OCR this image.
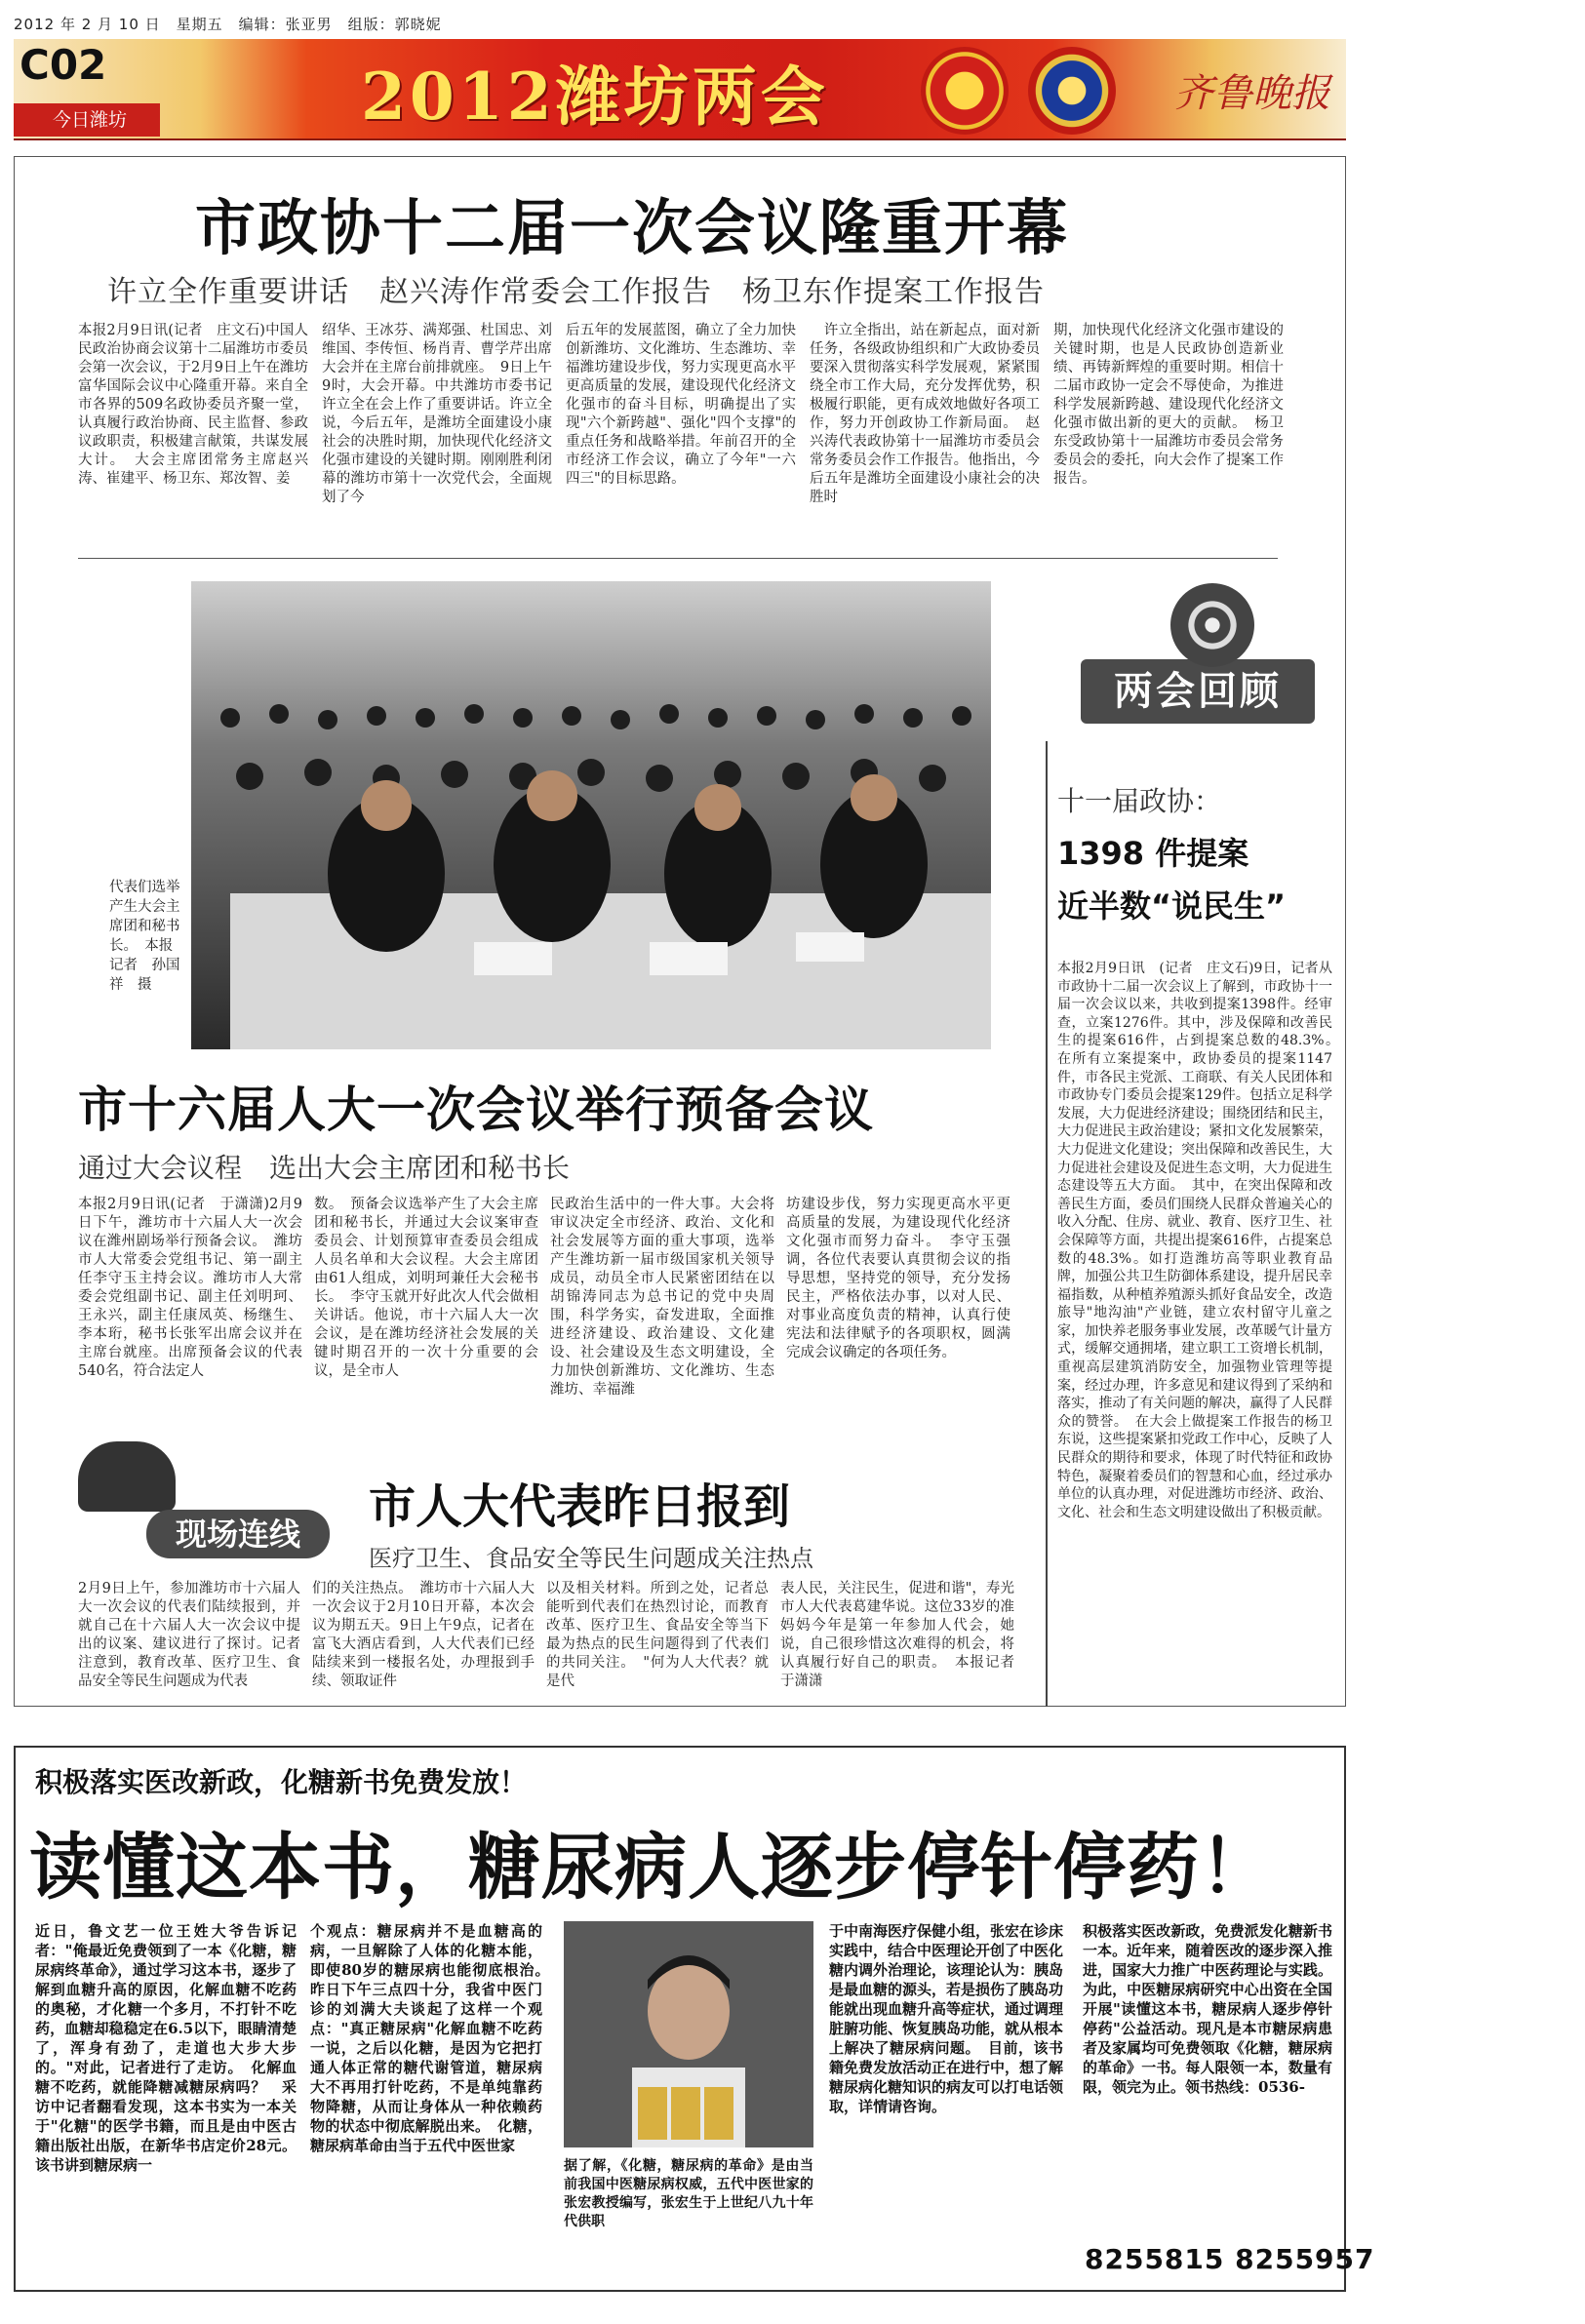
2012 年 2 月 10 日　星期五　编辑：张亚男　组版：郭晓妮
C02
今日潍坊	2012潍坊两会	齐鲁晚报
市政协十二届一次会议隆重开幕
许立全作重要讲话　赵兴涛作常委会工作报告　杨卫东作提案工作报告
本报2月9日讯(记者　庄文石)中国人民政治协商会议第十二届潍坊市委员会第一次会议，于2月9日上午在潍坊富华国际会议中心隆重开幕。来自全市各界的509名政协委员齐聚一堂，认真履行政治协商、民主监督、参政议政职责，积极建言献策，共谋发展大计。　大会主席团常务主席赵兴涛、崔建平、杨卫东、郑汝智、姜
绍华、王冰芬、满郑强、杜国忠、刘维国、李传恒、杨肖青、曹学芹出席大会并在主席台前排就座。　9日上午9时，大会开幕。中共潍坊市委书记许立全在会上作了重要讲话。许立全说，今后五年，是潍坊全面建设小康社会的决胜时期，加快现代化经济文化强市建设的关键时期。刚刚胜利闭幕的潍坊市第十一次党代会，全面规划了今
后五年的发展蓝图，确立了全力加快创新潍坊、文化潍坊、生态潍坊、幸福潍坊建设步伐，努力实现更高水平更高质量的发展，建设现代化经济文化强市的奋斗目标，明确提出了实现"六个新跨越"、强化"四个支撑"的重点任务和战略举措。年前召开的全市经济工作会议，确立了今年"一六四三"的目标思路。
　许立全指出，站在新起点，面对新任务，各级政协组织和广大政协委员要深入贯彻落实科学发展观，紧紧围绕全市工作大局，充分发挥优势，积极履行职能，更有成效地做好各项工作，努力开创政协工作新局面。　赵兴涛代表政协第十一届潍坊市委员会常务委员会作工作报告。他指出，今后五年是潍坊全面建设小康社会的决胜时
期，加快现代化经济文化强市建设的关键时期，也是人民政协创造新业绩、再铸新辉煌的重要时期。相信十二届市政协一定会不辱使命，为推进科学发展新跨越、建设现代化经济文化强市做出新的更大的贡献。　杨卫东受政协第十一届潍坊市委员会常务委员会的委托，向大会作了提案工作报告。
代表们选举产生大会主席团和秘书长。　本报记者　孙国祥　摄
两会回顾
十一届政协：
1398 件提案
近半数“说民生”
本报2月9日讯　(记者　庄文石)9日，记者从市政协十二届一次会议上了解到，市政协十一届一次会议以来，共收到提案1398件。经审查，立案1276件。其中，涉及保障和改善民生的提案616件，占到提案总数的48.3%。　在所有立案提案中，政协委员的提案1147件，市各民主党派、工商联、有关人民团体和市政协专门委员会提案129件。包括立足科学发展，大力促进经济建设；围绕团结和民主，大力促进民主政治建设；紧扣文化发展繁荣，大力促进文化建设；突出保障和改善民生，大力促进社会建设及促进生态文明，大力促进生态建设等五大方面。　其中，在突出保障和改善民生方面，委员们围绕人民群众普遍关心的收入分配、住房、就业、教育、医疗卫生、社会保障等方面，共提出提案616件，占提案总数的48.3%。如打造潍坊高等职业教育品牌，加强公共卫生防御体系建设，提升居民幸福指数，从种植养殖源头抓好食品安全，改造旅导"地沟油"产业链，建立农村留守儿童之家，加快养老服务事业发展，改革暖气计量方式，缓解交通拥堵，建立职工工资增长机制，重视高层建筑消防安全，加强物业管理等提案，经过办理，许多意见和建议得到了采纳和落实，推动了有关问题的解决，赢得了人民群众的赞誉。　在大会上做提案工作报告的杨卫东说，这些提案紧扣党政工作中心，反映了人民群众的期待和要求，体现了时代特征和政协特色，凝聚着委员们的智慧和心血，经过承办单位的认真办理，对促进潍坊市经济、政治、文化、社会和生态文明建设做出了积极贡献。
市十六届人大一次会议举行预备会议
通过大会议程　选出大会主席团和秘书长
本报2月9日讯(记者　于潇潇)2月9日下午，潍坊市十六届人大一次会议在潍州剧场举行预备会议。　潍坊市人大常委会党组书记、第一副主任李守玉主持会议。潍坊市人大常委会党组副书记、副主任刘明珂、王永兴，副主任康凤英、杨继生、李本珩，秘书长张军出席会议并在主席台就座。出席预备会议的代表540名，符合法定人
数。　预备会议选举产生了大会主席团和秘书长，并通过大会议案审查委员会、计划预算审查委员会组成人员名单和大会议程。大会主席团由61人组成，刘明珂兼任大会秘书长。　李守玉就开好此次人代会做相关讲话。他说，市十六届人大一次会议，是在潍坊经济社会发展的关键时期召开的一次十分重要的会议，是全市人
民政治生活中的一件大事。大会将审议决定全市经济、政治、文化和社会发展等方面的重大事项，选举产生潍坊新一届市级国家机关领导成员，动员全市人民紧密团结在以胡锦涛同志为总书记的党中央周围，科学务实，奋发进取，全面推进经济建设、政治建设、文化建设、社会建设及生态文明建设，全力加快创新潍坊、文化潍坊、生态潍坊、幸福潍
坊建设步伐，努力实现更高水平更高质量的发展，为建设现代化经济文化强市而努力奋斗。　李守玉强调，各位代表要认真贯彻会议的指导思想，坚持党的领导，充分发扬民主，严格依法办事，以对人民、对事业高度负责的精神，认真行使宪法和法律赋予的各项职权，圆满完成会议确定的各项任务。
现场连线	市人大代表昨日报到
医疗卫生、食品安全等民生问题成关注热点
2月9日上午，参加潍坊市十六届人大一次会议的代表们陆续报到，并就自己在十六届人大一次会议中提出的议案、建议进行了探讨。记者注意到，教育改革、医疗卫生、食品安全等民生问题成为代表
们的关注热点。　潍坊市十六届人大一次会议于2月10日开幕，本次会议为期五天。9日上午9点，记者在富飞大酒店看到，人大代表们已经陆续来到一楼报名处，办理报到手续、领取证件
以及相关材料。所到之处，记者总能听到代表们在热烈讨论，而教育改革、医疗卫生、食品安全等当下最为热点的民生问题得到了代表们的共同关注。　"何为人大代表？就是代
表人民，关注民生，促进和谐"，寿光市人大代表葛建华说。这位33岁的准妈妈今年是第一年参加人代会，她说，自己很珍惜这次难得的机会，将认真履行好自己的职责。　本报记者　于潇潇
积极落实医改新政，化糖新书免费发放！
读懂这本书，糖尿病人逐步停针停药！
近日，鲁文艺一位王姓大爷告诉记者："俺最近免费领到了一本《化糖，糖尿病终革命》，通过学习这本书，逐步了解到血糖升高的原因，化解血糖不吃药的奥秘，才化糖一个多月，不打针不吃药，血糖却稳稳定在6.5以下，眼睛清楚了，浑身有劲了，走道也大步大步的。"对此，记者进行了走访。　化解血糖不吃药，就能降糖减糖尿病吗？　采访中记者翻看发现，这本书实为一本关于"化糖"的医学书籍，而且是由中医古籍出版社出版，在新华书店定价28元。该书讲到糖尿病一
个观点：糖尿病并不是血糖高的病，一旦解除了人体的化糖本能，即使80岁的糖尿病也能彻底根治。　昨日下午三点四十分，我省中医门诊的刘满大夫谈起了这样一个观点："真正糖尿病"化解血糖不吃药一说，之后以化糖，是因为它把打通人体正常的糖代谢管道，糖尿病大不再用打针吃药，不是单纯靠药物降糖，从而让身体从一种依赖药物的状态中彻底解脱出来。　化糖，糖尿病革命由当于五代中医世家
据了解，《化糖，糖尿病的革命》是由当前我国中医糖尿病权威，五代中医世家的张宏教授编写，张宏生于上世纪八九十年代供职
于中南海医疗保健小组，张宏在诊床实践中，结合中医理论开创了中医化糖内调外治理论，该理论认为：胰岛是最血糖的源头，若是损伤了胰岛功能就出现血糖升高等症状，通过调理脏腑功能、恢复胰岛功能，就从根本上解决了糖尿病问题。　目前，该书籍免费发放活动正在进行中，想了解糖尿病化糖知识的病友可以打电话领取，详情请咨询。
积极落实医改新政，免费派发化糖新书一本。近年来，随着医改的逐步深入推进，国家大力推广中医药理论与实践。为此，中医糖尿病研究中心出资在全国开展"读懂这本书，糖尿病人逐步停针停药"公益活动。现凡是本市糖尿病患者及家属均可免费领取《化糖，糖尿病的革命》一书。每人限领一本，数量有限，领完为止。领书热线：0536-
8255815 8255957
